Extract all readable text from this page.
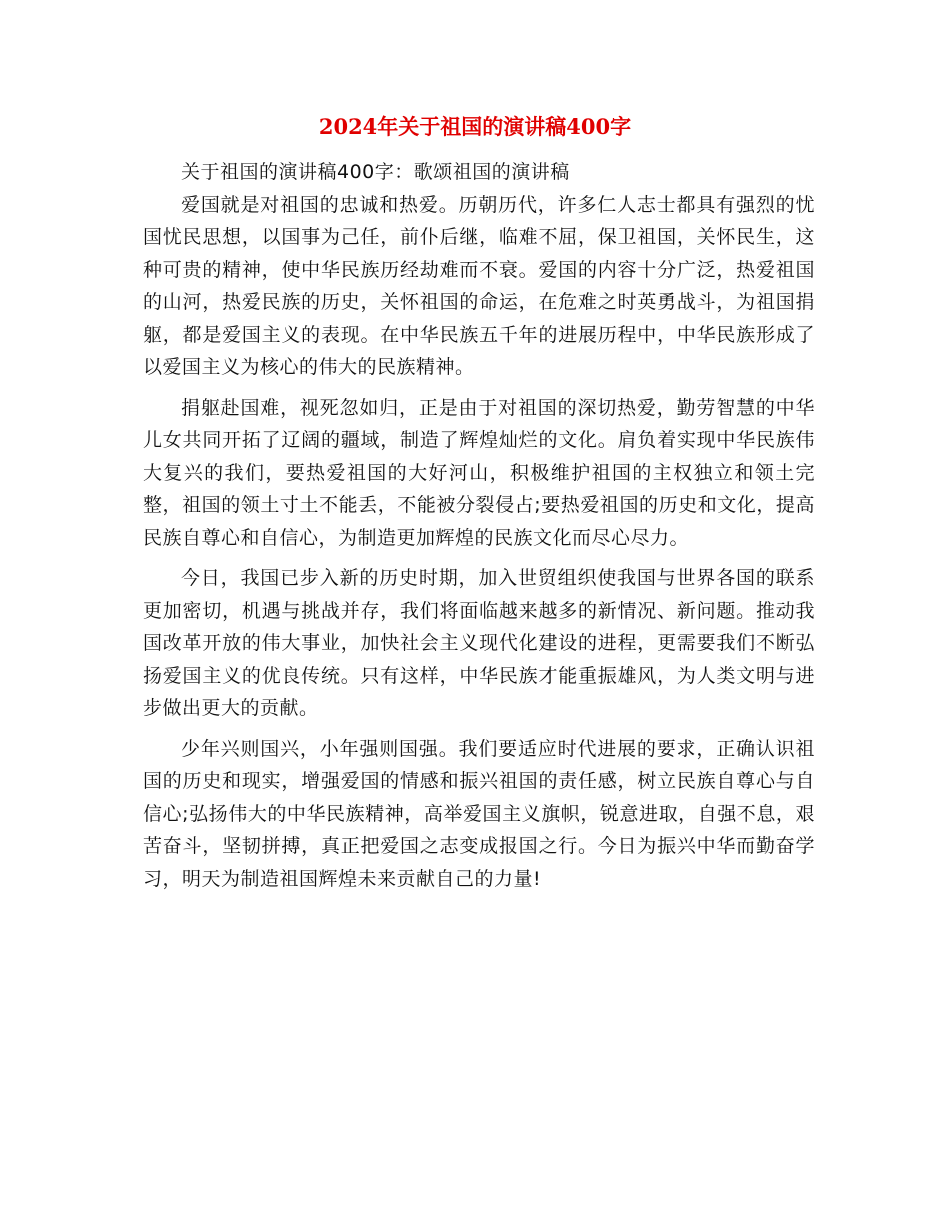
2024年关于祖国的演讲稿400字

关于祖国的演讲稿400字：歌颂祖国的演讲稿

爱国就是对祖国的忠诚和热爱。历朝历代，许多仁人志士都具有强烈的忧国忧民思想，以国事为己任，前仆后继，临难不屈，保卫祖国，关怀民生，这种可贵的精神，使中华民族历经劫难而不衰。爱国的内容十分广泛，热爱祖国的山河，热爱民族的历史，关怀祖国的命运，在危难之时英勇战斗，为祖国捐躯，都是爱国主义的表现。在中华民族五千年的进展历程中，中华民族形成了以爱国主义为核心的伟大的民族精神。

捐躯赴国难，视死忽如归，正是由于对祖国的深切热爱，勤劳智慧的中华儿女共同开拓了辽阔的疆域，制造了辉煌灿烂的文化。肩负着实现中华民族伟大复兴的我们，要热爱祖国的大好河山，积极维护祖国的主权独立和领土完整，祖国的领土寸土不能丢，不能被分裂侵占;要热爱祖国的历史和文化，提高民族自尊心和自信心，为制造更加辉煌的民族文化而尽心尽力。

今日，我国已步入新的历史时期，加入世贸组织使我国与世界各国的联系更加密切，机遇与挑战并存，我们将面临越来越多的新情况、新问题。推动我国改革开放的伟大事业，加快社会主义现代化建设的进程，更需要我们不断弘扬爱国主义的优良传统。只有这样，中华民族才能重振雄风，为人类文明与进步做出更大的贡献。

少年兴则国兴，小年强则国强。我们要适应时代进展的要求，正确认识祖国的历史和现实，增强爱国的情感和振兴祖国的责任感，树立民族自尊心与自信心;弘扬伟大的中华民族精神，高举爱国主义旗帜，锐意进取，自强不息，艰苦奋斗，坚韧拼搏，真正把爱国之志变成报国之行。今日为振兴中华而勤奋学习，明天为制造祖国辉煌未来贡献自己的力量!
